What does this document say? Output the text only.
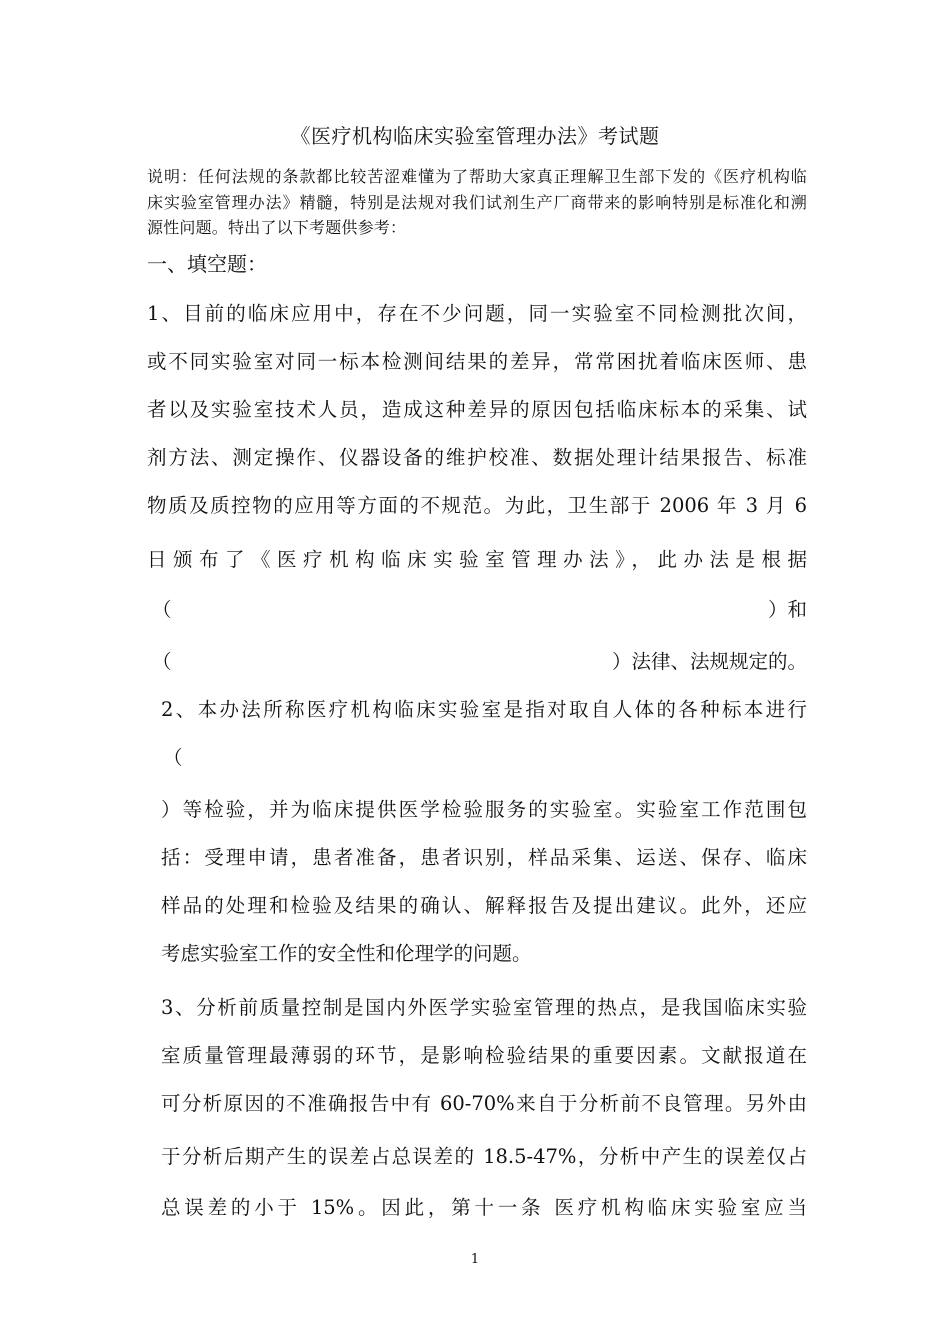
《医疗机构临床实验室管理办法》考试题
说明：任何法规的条款都比较苦涩难懂为了帮助大家真正理解卫生部下发的《医疗机构临
床实验室管理办法》精髓，特别是法规对我们试剂生产厂商带来的影响特别是标准化和溯
源性问题。特出了以下考题供参考：
一、填空题：
1、目前的临床应用中，存在不少问题，同一实验室不同检测批次间，
或不同实验室对同一标本检测间结果的差异，常常困扰着临床医师、患
者以及实验室技术人员，造成这种差异的原因包括临床标本的采集、试
剂方法、测定操作、仪器设备的维护校准、数据处理计结果报告、标准
物质及质控物的应用等方面的不规范。为此，卫生部于 2006 年 3 月 6
日颁布了《医疗机构临床实验室管理办法》，此办法是根据
（	）和
（	）法律、法规规定的。
2、本办法所称医疗机构临床实验室是指对取自人体的各种标本进行
（
）等检验，并为临床提供医学检验服务的实验室。实验室工作范围包
括：受理申请，患者准备，患者识别，样品采集、运送、保存、临床
样品的处理和检验及结果的确认、解释报告及提出建议。此外，还应
考虑实验室工作的安全性和伦理学的问题。
3、分析前质量控制是国内外医学实验室管理的热点，是我国临床实验
室质量管理最薄弱的环节，是影响检验结果的重要因素。文献报道在
可分析原因的不准确报告中有 60-70%来自于分析前不良管理。另外由
于分析后期产生的误差占总误差的 18.5-47%，分析中产生的误差仅占
总误差的小于 15%。因此，第十一条 医疗机构临床实验室应当
1
